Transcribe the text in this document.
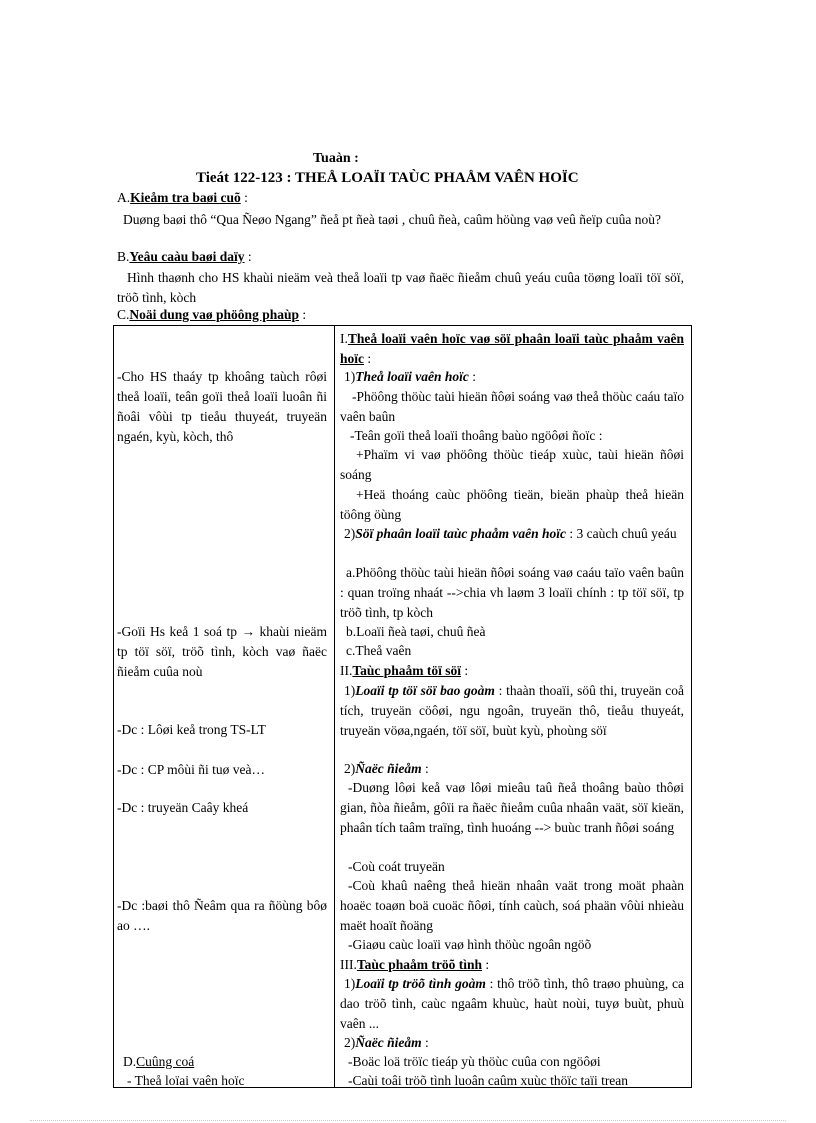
Tuaàn :
Tieát 122-123 : THEÅ LOAÏI TAÙC PHAÅM VAÊN HOÏC
A.Kieåm tra baøi cuõ :
Duøng baøi thô “Qua Ñeøo Ngang” ñeå pt ñeà taøi , chuû ñeà, caûm höùng vaø veû ñeïp cuûa noù?
B.Yeâu caàu baøi daïy :
Hình thaønh cho HS khaùi nieäm veà theå loaïi tp vaø ñaëc ñieåm chuû yeáu cuûa töøng loaïi töï söï, tröõ tình, kòch
C.Noäi dung vaø phöông phaùp :
-Cho HS thaáy tp khoâng taùch rôøi theå loaïi, teân goïi theå loaïi luoân ñi ñoâi vôùi tp tieåu thuyeát, truyeän ngaén, kyù, kòch, thô
-Goïi Hs keå 1 soá tp → khaùi nieäm tp töï söï, tröõ tình, kòch vaø ñaëc ñieåm cuûa noù
-Dc : Lôøi keå trong TS-LT
-Dc : CP môùi ñi tuø veà…
-Dc : truyeän Caây kheá
-Dc :baøi thô Ñeâm qua ra ñöùng bôø ao ….
D.Cuûng coá
- Theå loïai vaên hoïc
I.Theå loaïi vaên hoïc vaø söï phaân loaïi taùc phaåm vaên hoïc :
1)Theå loaïi vaên hoïc :
-Phöông thöùc taùi hieän ñôøi soáng vaø theå thöùc caáu taïo vaên baûn
-Teân goïi theå loaïi thoâng baùo ngöôøi ñoïc :
+Phaïm vi vaø phöông thöùc tieáp xuùc, taùi hieän ñôøi soáng
+Heä thoáng caùc phöông tieän, bieän phaùp theå hieän töông öùng
2)Söï phaân loaïi taùc phaåm vaên hoïc : 3 caùch chuû yeáu
a.Phöông thöùc taùi hieän ñôøi soáng vaø caáu taïo vaên baûn : quan troïng nhaát -->chia vh laøm 3 loaïi chính : tp töï söï, tp tröõ tình, tp kòch
b.Loaïi ñeà taøi, chuû ñeà
c.Theå vaên
II.Taùc phaåm töï söï :
1)Loaïi tp töï söï bao goàm : thaàn thoaïi, söû thi, truyeän coå tích, truyeän cöôøi, ngu ngoân, truyeän thô, tieåu thuyeát, truyeän vöøa,ngaén, töï söï, buùt kyù, phoùng söï
2)Ñaëc ñieåm :
-Duøng lôøi keå vaø lôøi mieâu taû ñeå thoâng baùo thôøi gian, ñòa ñieåm, gôïi ra ñaëc ñieåm cuûa nhaân vaät, söï kieän, phaân tích taâm traïng, tình huoáng --> buùc tranh ñôøi soáng
-Coù coát truyeän
-Coù khaû naêng theå hieän nhaân vaät trong moät phaàn hoaëc toaøn boä cuoäc ñôøi, tính caùch, soá phaän vôùi nhieàu maët hoaït ñoäng
-Giaøu caùc loaïi vaø hình thöùc ngoân ngöõ
III.Taùc phaåm tröõ tình :
1)Loaïi tp tröõ tình goàm : thô tröõ tình, thô traøo phuùng, ca dao tröõ tình, caùc ngaâm khuùc, haùt noùi, tuyø buùt, phuù vaên ...
2)Ñaëc ñieåm :
-Boäc loä tröïc tieáp yù thöùc cuûa con ngöôøi
-Caùi toâi tröõ tình luoân caûm xuùc thöïc taïi trean
